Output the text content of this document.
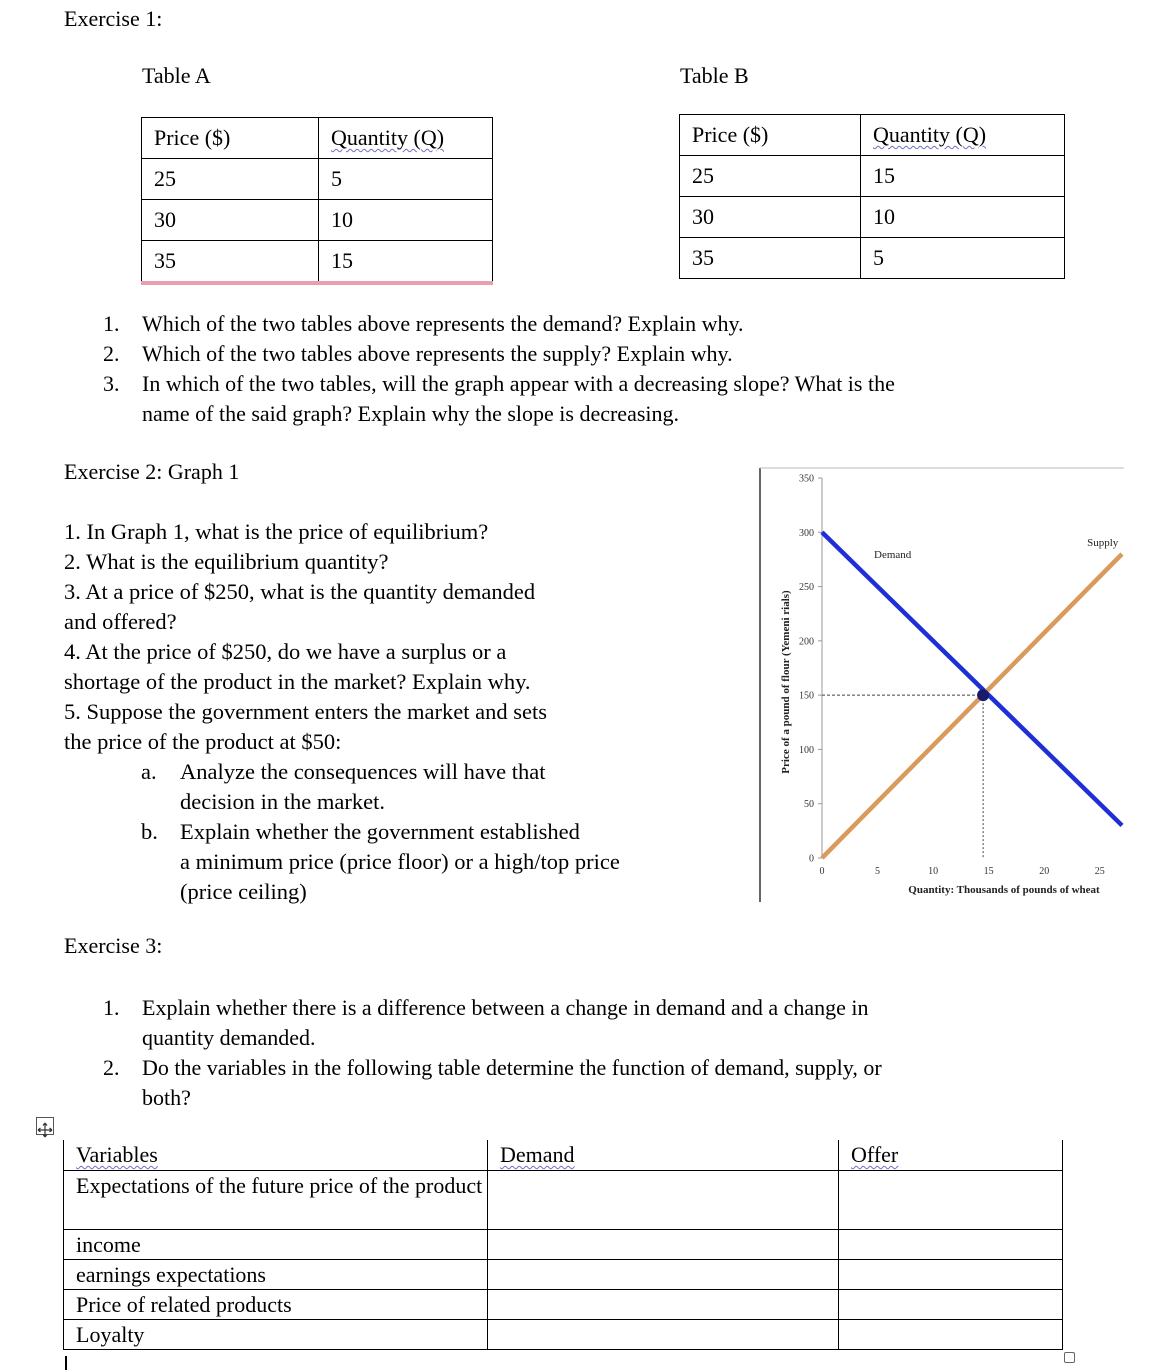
Exercise 1:
Table A	Table B
Price ($)	Quantity (Q)
25	5
30	10
35	15
Price ($)	Quantity (Q)
25	15
30	10
35	5
1. Which of the two tables above represents the demand? Explain why.
2. Which of the two tables above represents the supply? Explain why.
3. In which of the two tables, will the graph appear with a decreasing slope? What is the
name of the said graph? Explain why the slope is decreasing.
Exercise 2: Graph 1
1. In Graph 1, what is the price of equilibrium?
2. What is the equilibrium quantity?
3. At a price of $250, what is the quantity demanded
and offered?
4. At the price of $250, do we have a surplus or a
shortage of the product in the market? Explain why.
5. Suppose the government enters the market and sets
the price of the product at $50:
a. Analyze the consequences will have that
decision in the market.
b. Explain whether the government established
a minimum price (price floor) or a high/top price
(price ceiling)
0
50
100
150
200
250
300
350
0	5	10	15	20	25
Quantity: Thousands of pounds of wheat
Price of a pound of flour (Yemeni rials)
Demand
Supply
Exercise 3:
1. Explain whether there is a difference between a change in demand and a change in
quantity demanded.
2. Do the variables in the following table determine the function of demand, supply, or
both?
Variables	Demand	Offer
Expectations of the future price of the product		
income		
earnings expectations		
Price of related products		
Loyalty		
